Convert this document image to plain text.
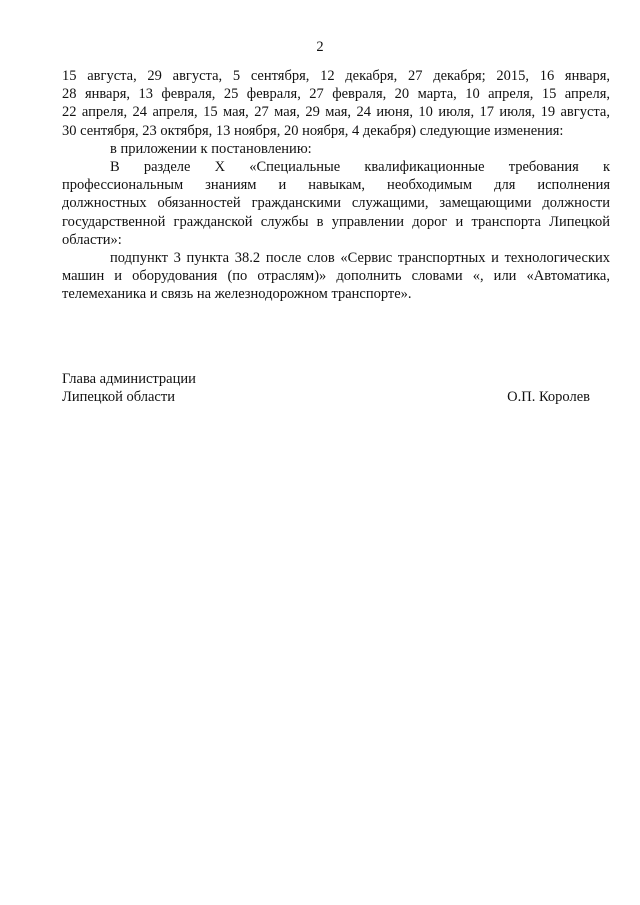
2

15 августа, 29 августа, 5 сентября, 12 декабря, 27 декабря; 2015, 16 января,

28 января, 13 февраля, 25 февраля, 27 февраля, 20 марта, 10 апреля, 15 апреля,

22 апреля, 24 апреля, 15 мая, 27 мая, 29 мая, 24 июня, 10 июля, 17 июля, 19 августа,

30 сентября, 23 октября, 13 ноября, 20 ноября, 4 декабря) следующие изменения:

в приложении к постановлению:

В разделе X «Специальные квалификационные требования к

профессиональным знаниям и навыкам, необходимым для исполнения

должностных обязанностей гражданскими служащими, замещающими должности

государственной гражданской службы в управлении дорог и транспорта Липецкой

области»:

подпункт 3 пункта 38.2 после слов «Сервис транспортных и технологических

машин и оборудования (по отраслям)» дополнить словами «, или «Автоматика,

телемеханика и связь на железнодорожном транспорте».

Глава администрации
Липецкой области	О.П. Королев
